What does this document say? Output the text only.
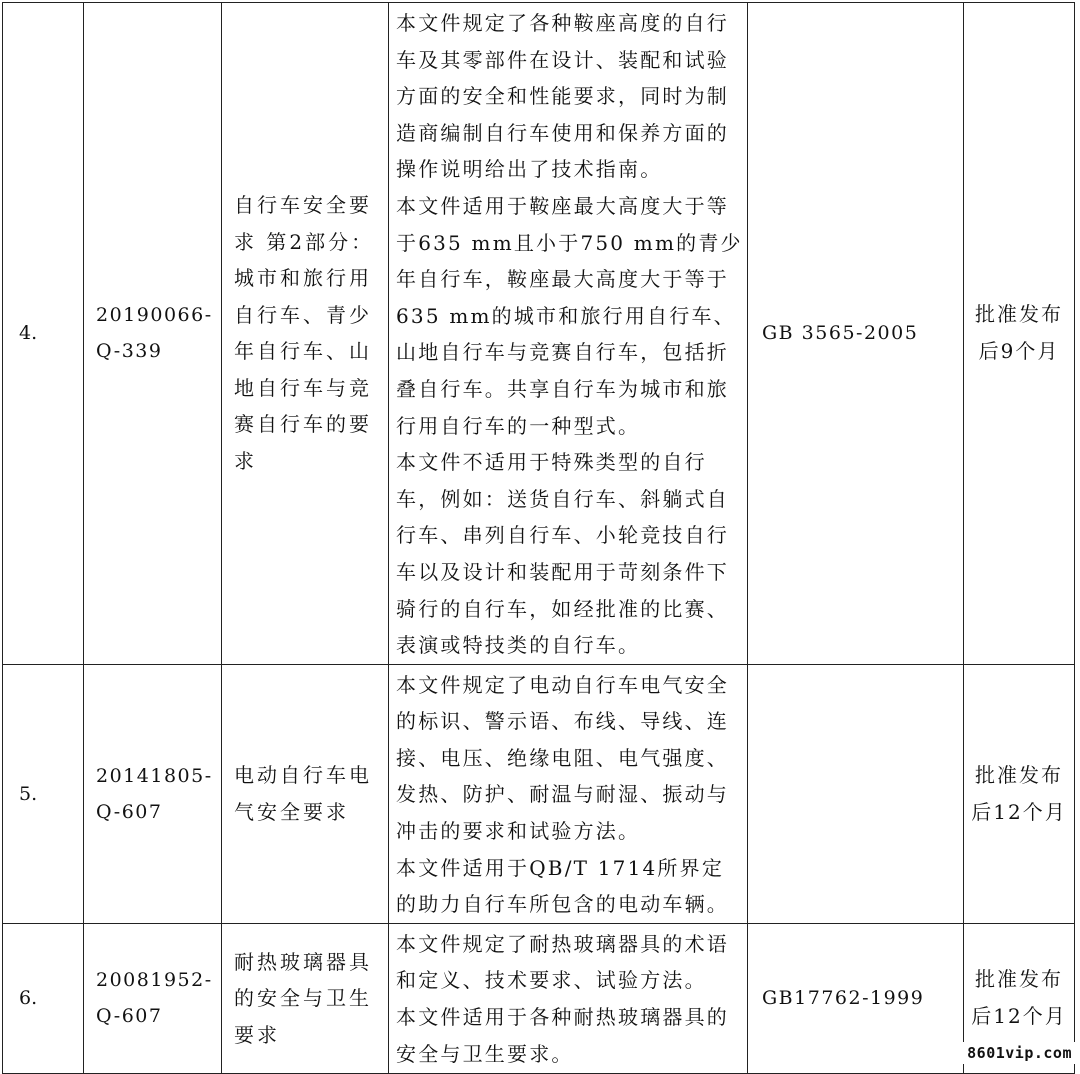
4.	20190066-Q-339	自行车安全要求 第2部分：城市和旅行用自行车、青少年自行车、山地自行车与竞赛自行车的要求	本文件规定了各种鞍座高度的自行车及其零部件在设计、装配和试验方面的安全和性能要求，同时为制造商编制自行车使用和保养方面的操作说明给出了技术指南。
本文件适用于鞍座最大高度大于等于635 mm且小于750 mm的青少年自行车，鞍座最大高度大于等于635 mm的城市和旅行用自行车、山地自行车与竞赛自行车，包括折叠自行车。共享自行车为城市和旅行用自行车的一种型式。
本文件不适用于特殊类型的自行车，例如：送货自行车、斜躺式自行车、串列自行车、小轮竞技自行车以及设计和装配用于苛刻条件下骑行的自行车，如经批准的比赛、表演或特技类的自行车。	GB 3565-2005	批准发布后9个月
5.	20141805-Q-607	电动自行车电气安全要求	本文件规定了电动自行车电气安全的标识、警示语、布线、导线、连接、电压、绝缘电阻、电气强度、发热、防护、耐温与耐湿、振动与冲击的要求和试验方法。
本文件适用于QB/T 1714所界定的助力自行车所包含的电动车辆。		批准发布后12个月
6.	20081952-Q-607	耐热玻璃器具的安全与卫生要求	本文件规定了耐热玻璃器具的术语和定义、技术要求、试验方法。
本文件适用于各种耐热玻璃器具的安全与卫生要求。	GB17762-1999	批准发布后12个月
8601vip.com
